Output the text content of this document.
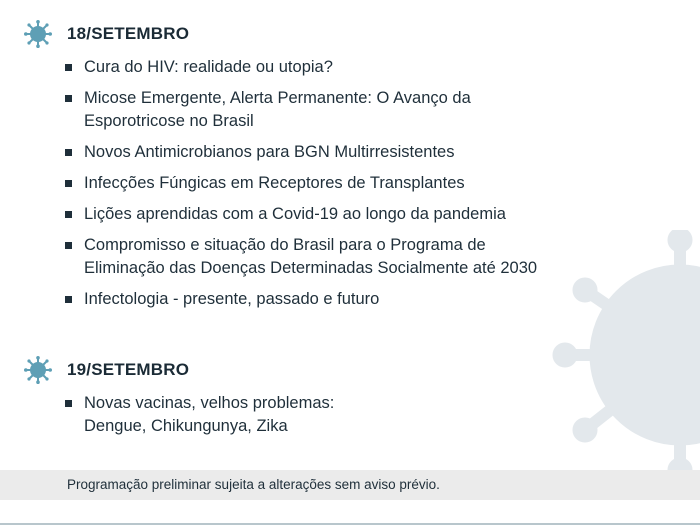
18/SETEMBRO
Cura do HIV: realidade ou utopia?
Micose Emergente, Alerta Permanente: O Avanço da
Esporotricose no Brasil
Novos Antimicrobianos para BGN Multirresistentes
Infecções Fúngicas em Receptores de Transplantes
Lições aprendidas com a Covid-19 ao longo da pandemia
Compromisso e situação do Brasil para o Programa de
Eliminação das Doenças Determinadas Socialmente até 2030
Infectologia - presente, passado e futuro
19/SETEMBRO
Novas vacinas, velhos problemas:
Dengue, Chikungunya, Zika
Programação preliminar sujeita a alterações sem aviso prévio.
